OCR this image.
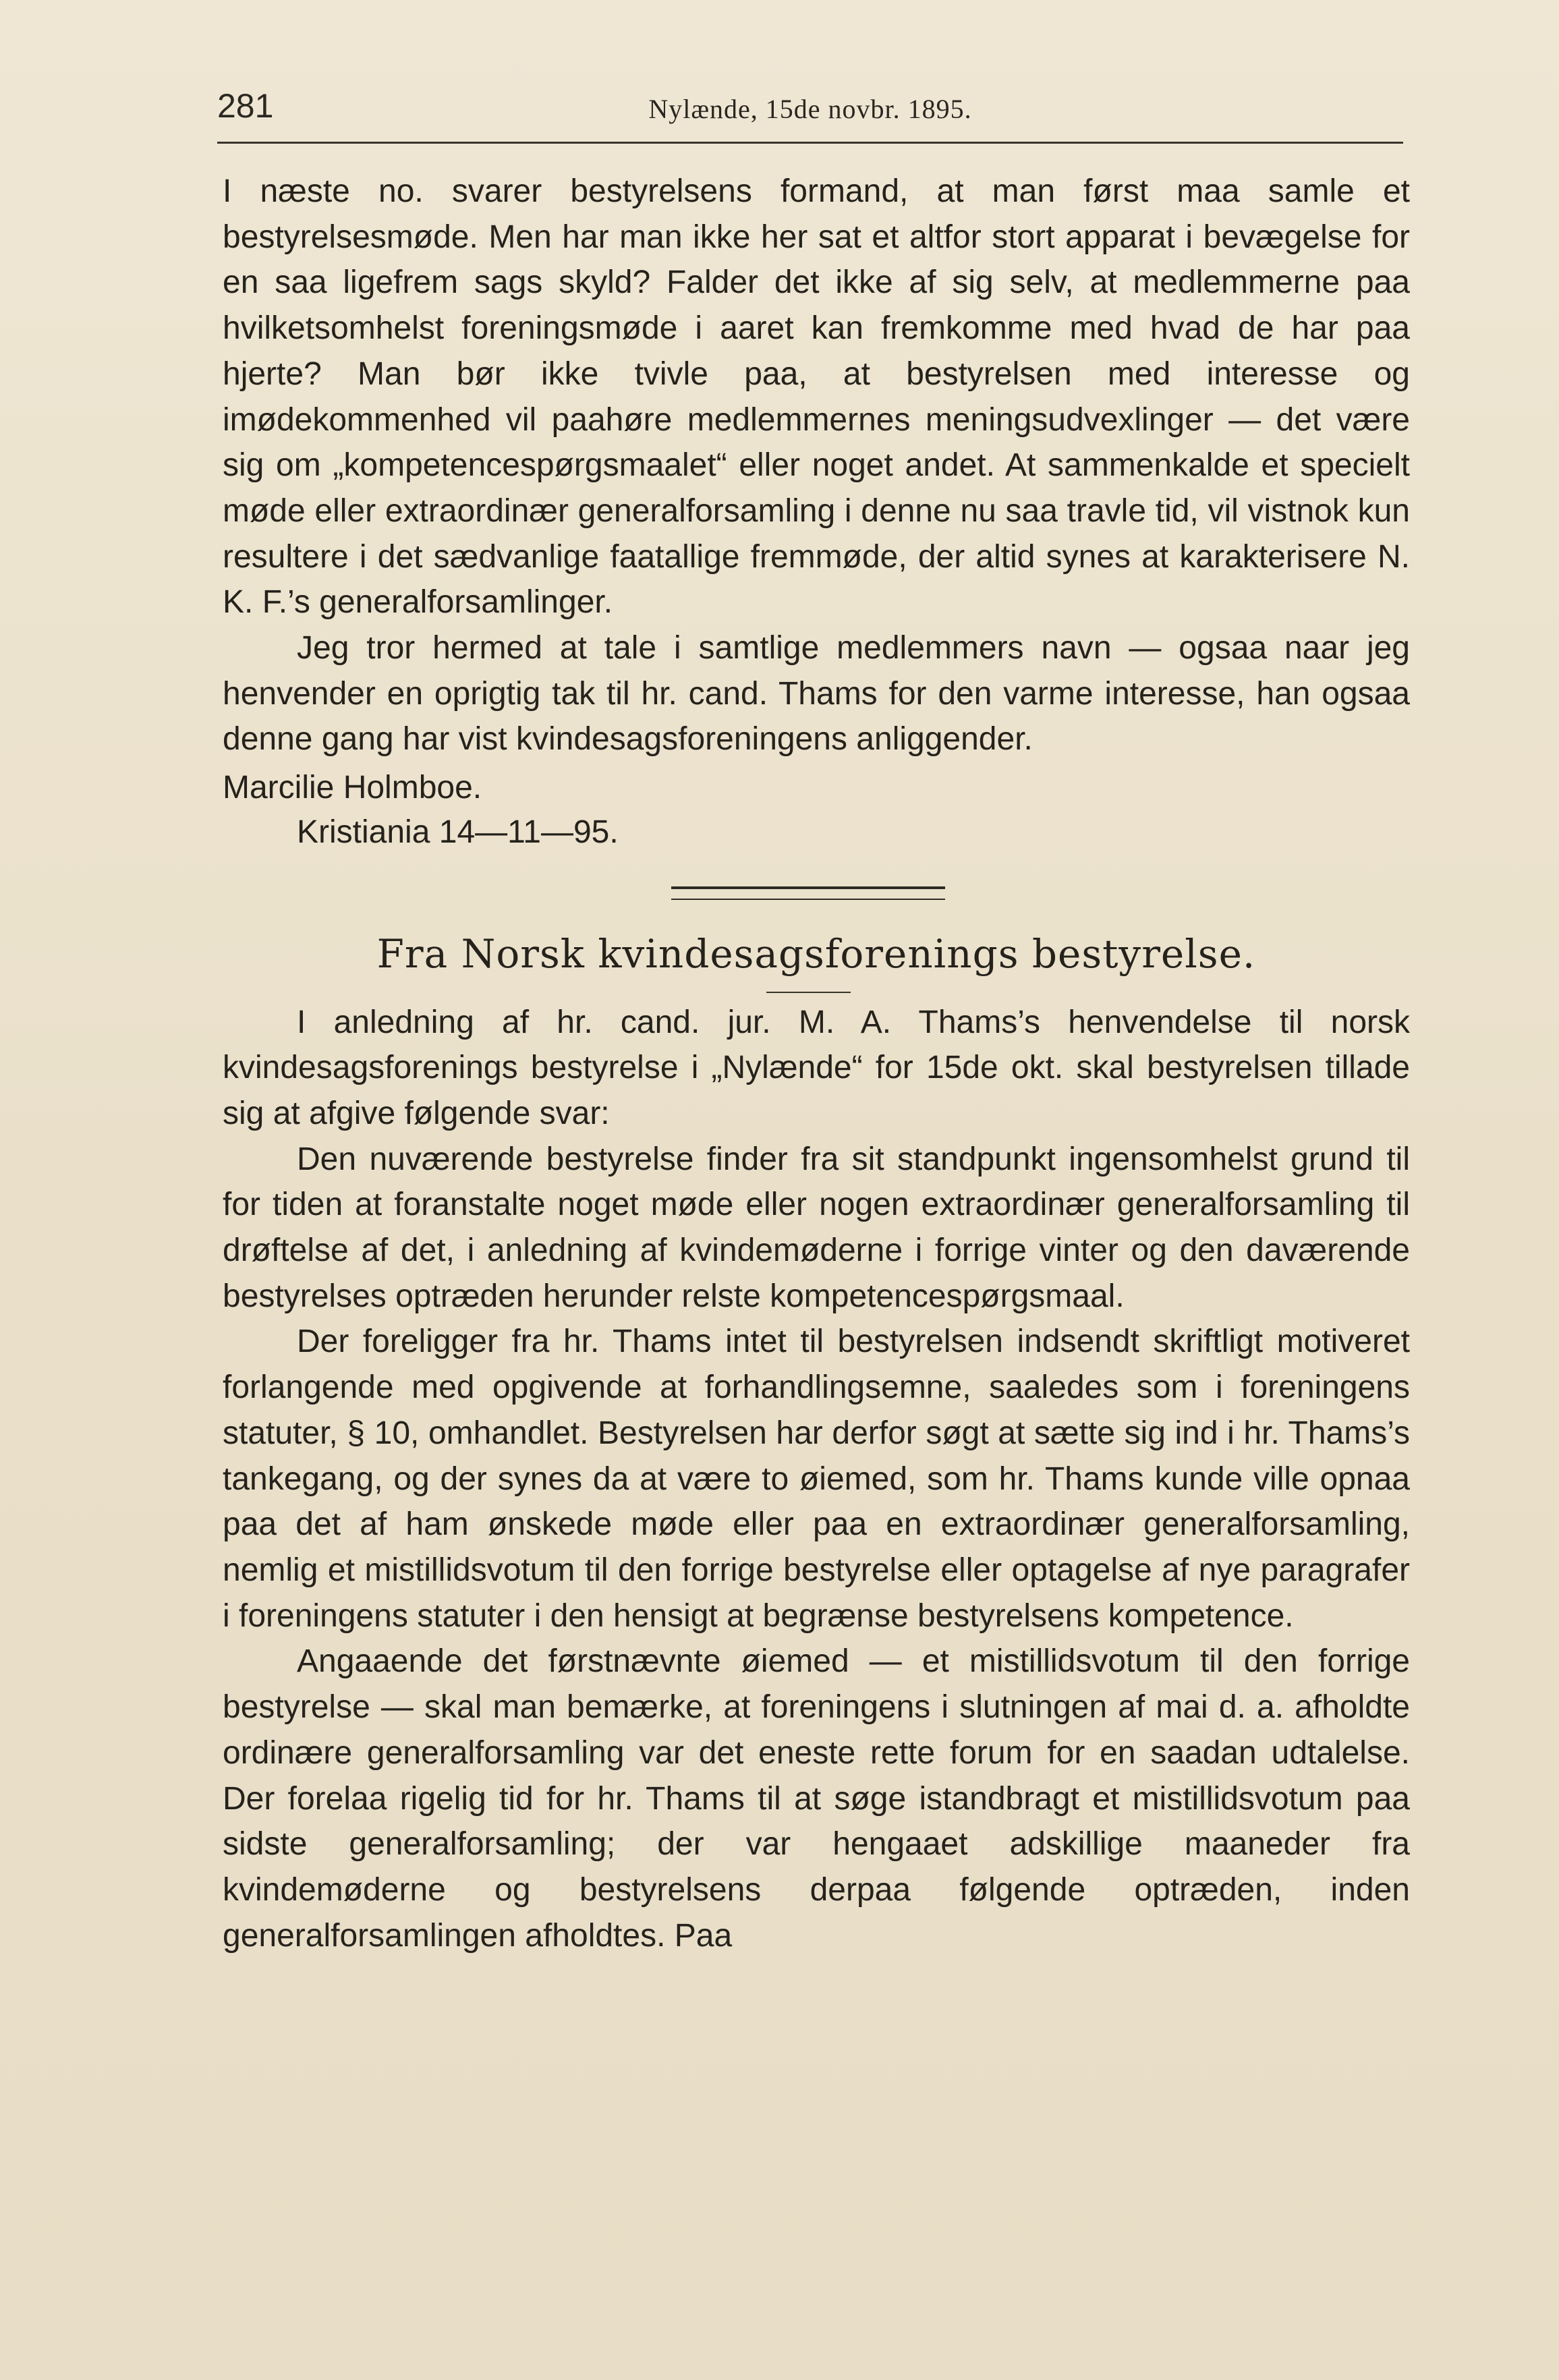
281	Nylænde, 15de novbr. 1895.

I næste no. svarer bestyrelsens formand, at man først maa samle et bestyrelsesmøde. Men har man ikke her sat et altfor stort apparat i bevægelse for en saa ligefrem sags skyld? Falder det ikke af sig selv, at medlemmerne paa hvilketsomhelst foreningsmøde i aaret kan fremkomme med hvad de har paa hjerte? Man bør ikke tvivle paa, at bestyrelsen med interesse og imødekommenhed vil paahøre medlemmernes meningsudvexlinger — det være sig om „kompetencespørgsmaalet“ eller noget andet. At sammenkalde et specielt møde eller extraordinær generalforsamling i denne nu saa travle tid, vil vistnok kun resultere i det sædvanlige faatallige fremmøde, der altid synes at karakterisere N. K. F.’s generalforsamlinger.

Jeg tror hermed at tale i samtlige medlemmers navn — ogsaa naar jeg henvender en oprigtig tak til hr. cand. Thams for den varme interesse, han ogsaa denne gang har vist kvindesagsforeningens anliggender.

Marcilie Holmboe.

Kristiania 14—11—95.

Fra Norsk kvindesagsforenings bestyrelse.

I anledning af hr. cand. jur. M. A. Thams’s henvendelse til norsk kvindesagsforenings bestyrelse i „Nylænde“ for 15de okt. skal bestyrelsen tillade sig at afgive følgende svar:

Den nuværende bestyrelse finder fra sit standpunkt ingensomhelst grund til for tiden at foranstalte noget møde eller nogen extraordinær generalforsamling til drøftelse af det, i anledning af kvindemøderne i forrige vinter og den daværende bestyrelses optræden herunder relste kompetencespørgsmaal.

Der foreligger fra hr. Thams intet til bestyrelsen indsendt skriftligt motiveret forlangende med opgivende at forhandlingsemne, saaledes som i foreningens statuter, § 10, omhandlet. Bestyrelsen har derfor søgt at sætte sig ind i hr. Thams’s tankegang, og der synes da at være to øiemed, som hr. Thams kunde ville opnaa paa det af ham ønskede møde eller paa en extraordinær generalforsamling, nemlig et mistillidsvotum til den forrige bestyrelse eller optagelse af nye paragrafer i foreningens statuter i den hensigt at begrænse bestyrelsens kompetence.

Angaaende det førstnævnte øiemed — et mistillidsvotum til den forrige bestyrelse — skal man bemærke, at foreningens i slutningen af mai d. a. afholdte ordinære generalforsamling var det eneste rette forum for en saadan udtalelse. Der forelaa rigelig tid for hr. Thams til at søge istandbragt et mistillidsvotum paa sidste generalforsamling; der var hengaaet adskillige maaneder fra kvindemøderne og bestyrelsens derpaa følgende optræden, inden generalforsamlingen afholdtes. Paa
